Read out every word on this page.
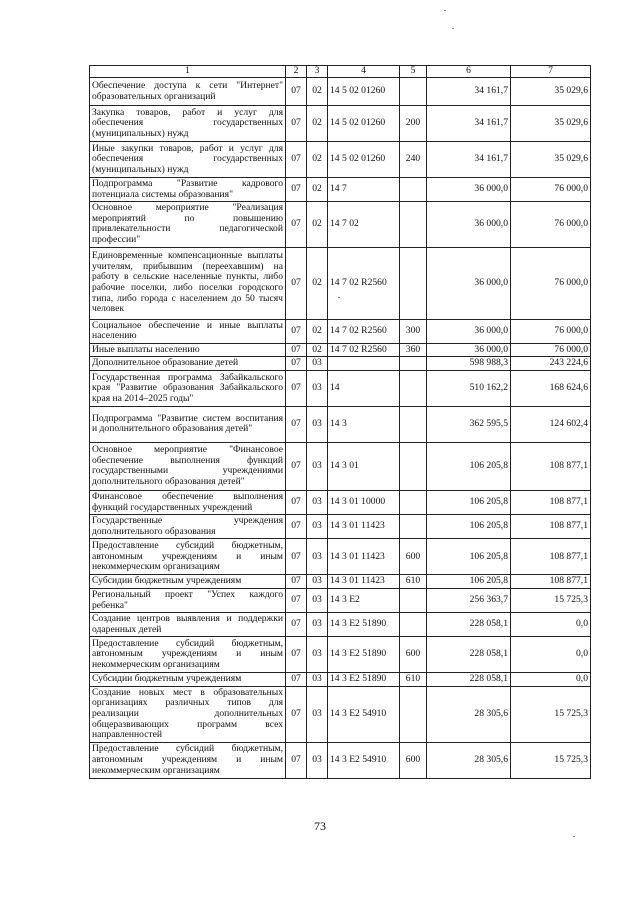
1	2	3	4	5	6	7
Обеспечение доступа к сети "Интернет" образовательных организаций	07	02	14 5 02 01260		34 161,7	35 029,6
Закупка товаров, работ и услуг для обеспечения государственных (муниципальных) нужд	07	02	14 5 02 01260	200	34 161,7	35 029,6
Иные закупки товаров, работ и услуг для обеспечения государственных (муниципальных) нужд	07	02	14 5 02 01260	240	34 161,7	35 029,6
Подпрограмма "Развитие кадрового потенциала системы образования"	07	02	14 7		36 000,0	76 000,0
Основное мероприятие "Реализация мероприятий по повышению привлекательности педагогической профессии"	07	02	14 7 02		36 000,0	76 000,0
Единовременные компенсационные выплаты учителям, прибывшим (переехавшим) на работу в сельские населенные пункты, либо рабочие поселки, либо поселки городского типа, либо города с населением до 50 тысяч человек	07	02	14 7 02 R2560		36 000,0	76 000,0
Социальное обеспечение и иные выплаты населению	07	02	14 7 02 R2560	300	36 000,0	76 000,0
Иные выплаты населению	07	02	14 7 02 R2560	360	36 000,0	76 000,0
Дополнительное образование детей	07	03			598 988,3	243 224,6
Государственная программа Забайкальского края "Развитие образования Забайкальского края на 2014–2025 годы"	07	03	14		510 162,2	168 624,6
Подпрограмма "Развитие систем воспитания и дополнительного образования детей"	07	03	14 3		362 595,5	124 602,4
Основное мероприятие "Финансовое обеспечение выполнения функций государственными учреждениями дополнительного образования детей"	07	03	14 3 01		106 205,8	108 877,1
Финансовое обеспечение выполнения функций государственных учреждений	07	03	14 3 01 10000		106 205,8	108 877,1
Государственные учреждения дополнительного образования	07	03	14 3 01 11423		106 205,8	108 877,1
Предоставление субсидий бюджетным, автономным учреждениям и иным некоммерческим организациям	07	03	14 3 01 11423	600	106 205,8	108 877,1
Субсидии бюджетным учреждениям	07	03	14 3 01 11423	610	106 205,8	108 877,1
Региональный проект "Успех каждого ребенка"	07	03	14 3 E2		256 363,7	15 725,3
Создание центров выявления и поддержки одаренных детей	07	03	14 3 E2 51890		228 058,1	0,0
Предоставление субсидий бюджетным, автономным учреждениям и иным некоммерческим организациям	07	03	14 3 E2 51890	600	228 058,1	0,0
Субсидии бюджетным учреждениям	07	03	14 3 E2 51890	610	228 058,1	0,0
Создание новых мест в образовательных организациях различных типов для реализации дополнительных общеразвивающих программ всех направленностей	07	03	14 3 E2 54910		28 305,6	15 725,3
Предоставление субсидий бюджетным, автономным учреждениям и иным некоммерческим организациям	07	03	14 3 E2 54910	600	28 305,6	15 725,3
73
